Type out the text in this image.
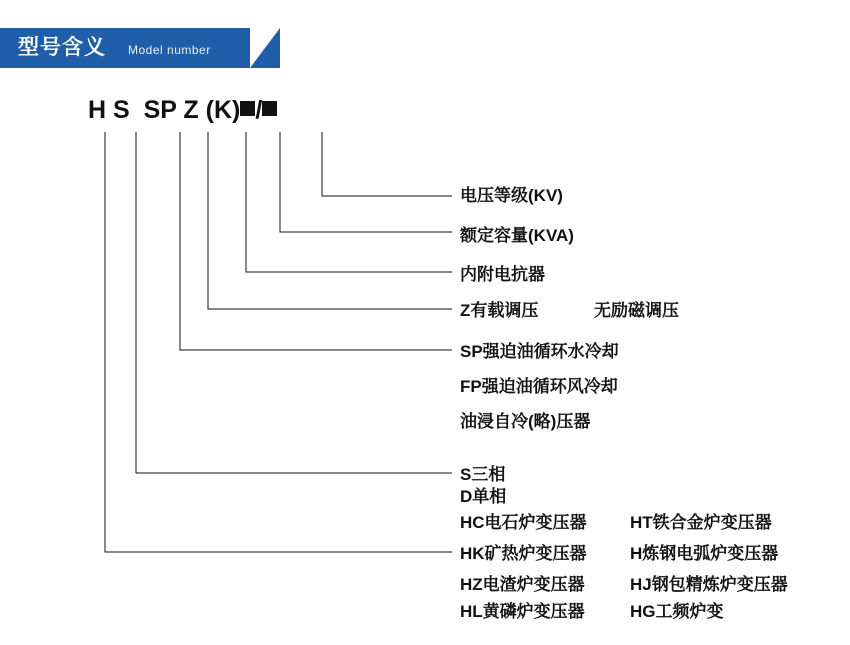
型号含义 Model number
H S  SP Z (K) /
电压等级(KV)
额定容量(KVA)
内附电抗器
Z有载调压	无励磁调压
SP强迫油循环水冷却
FP强迫油循环风冷却
油浸自冷(略)压器
S三相
D单相
HC电石炉变压器	HT铁合金炉变压器
HK矿热炉变压器	H炼钢电弧炉变压器
HZ电渣炉变压器	HJ钢包精炼炉变压器
HL黄磷炉变压器	HG工频炉变
